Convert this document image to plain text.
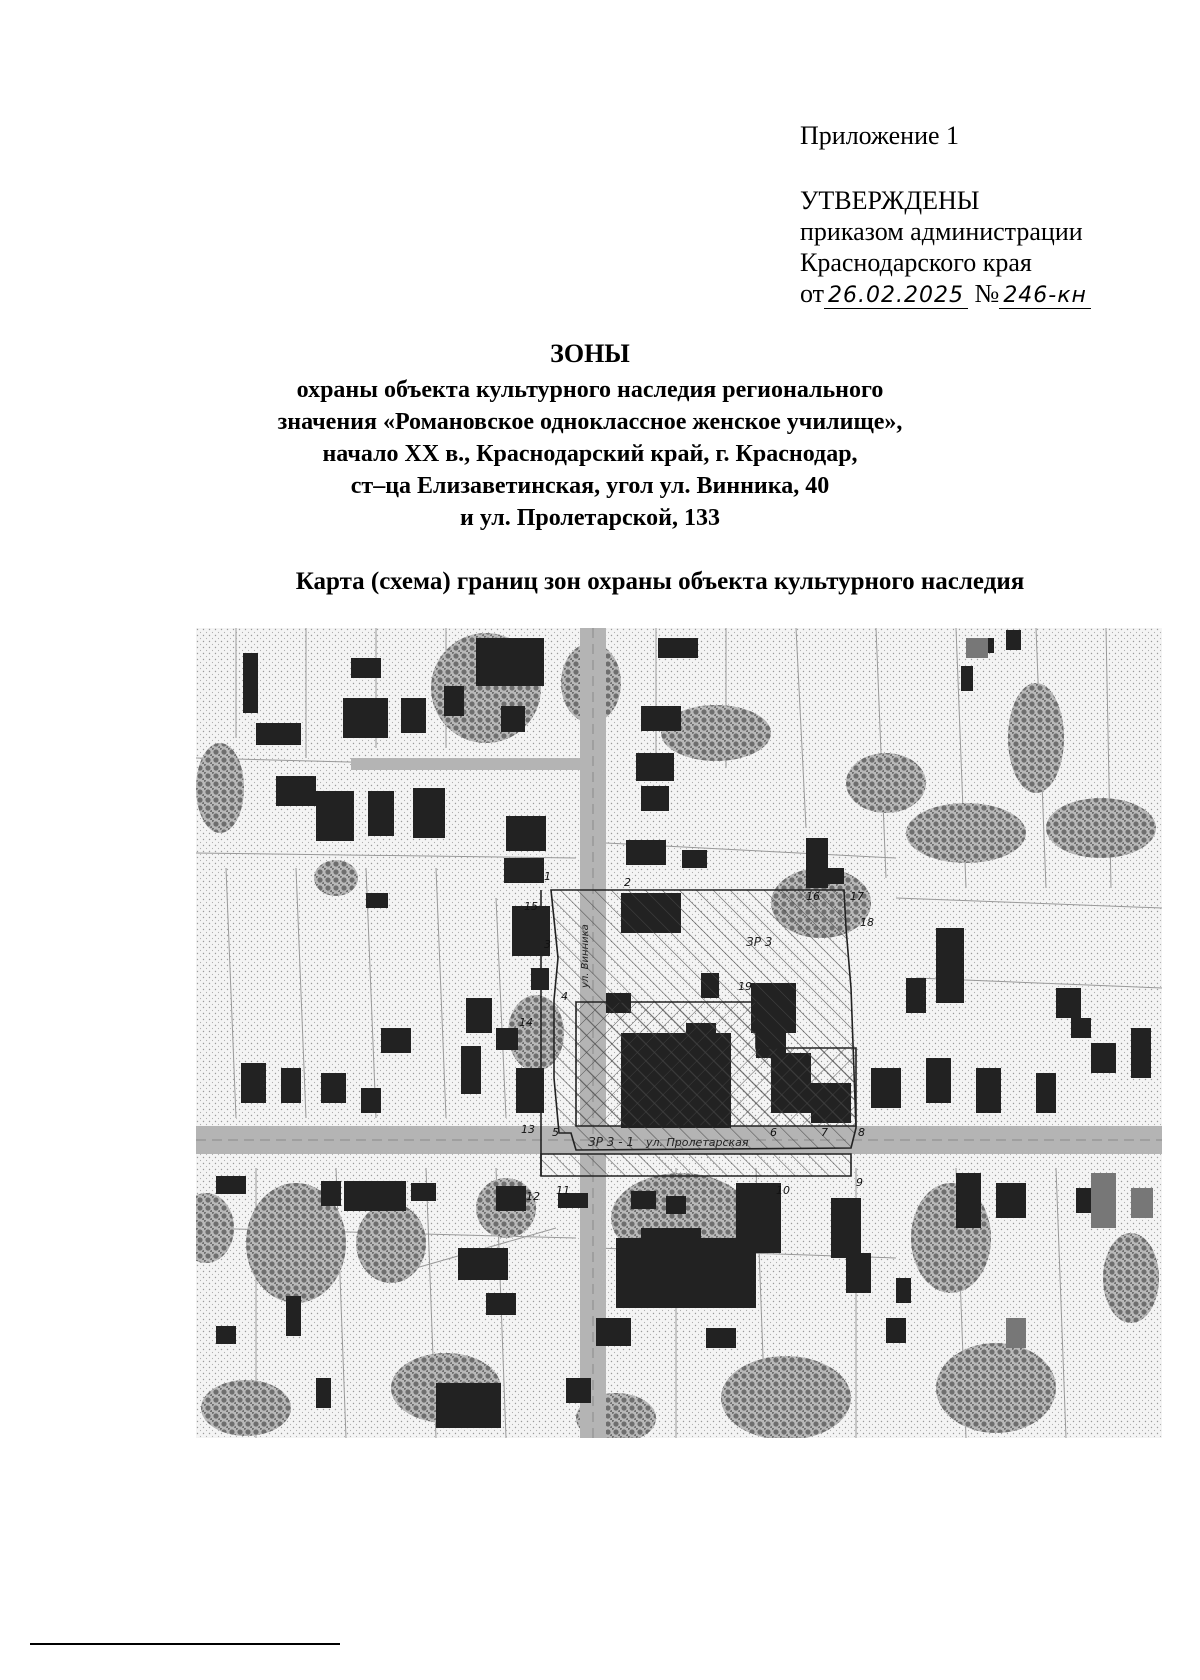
Приложение 1
УТВЕРЖДЕНЫ
приказом администрации
Краснодарского края
от 26.02.2025 № 246-кн
ЗОНЫ
охраны объекта культурного наследия регионального
значения «Романовское одноклассное женское училище»,
начало XX в., Краснодарский край, г. Краснодар,
ст–ца Елизаветинская, угол ул. Винника, 40
и ул. Пролетарской, 133
Карта (схема) границ зон охраны объекта культурного наследия
ЗР 3
ЗР 3 - 1 ул. Пролетарская
ул. Винника
1	2
3
4
5	6	7	8
9
10
11
12
13
14
15
16	17
18
19
